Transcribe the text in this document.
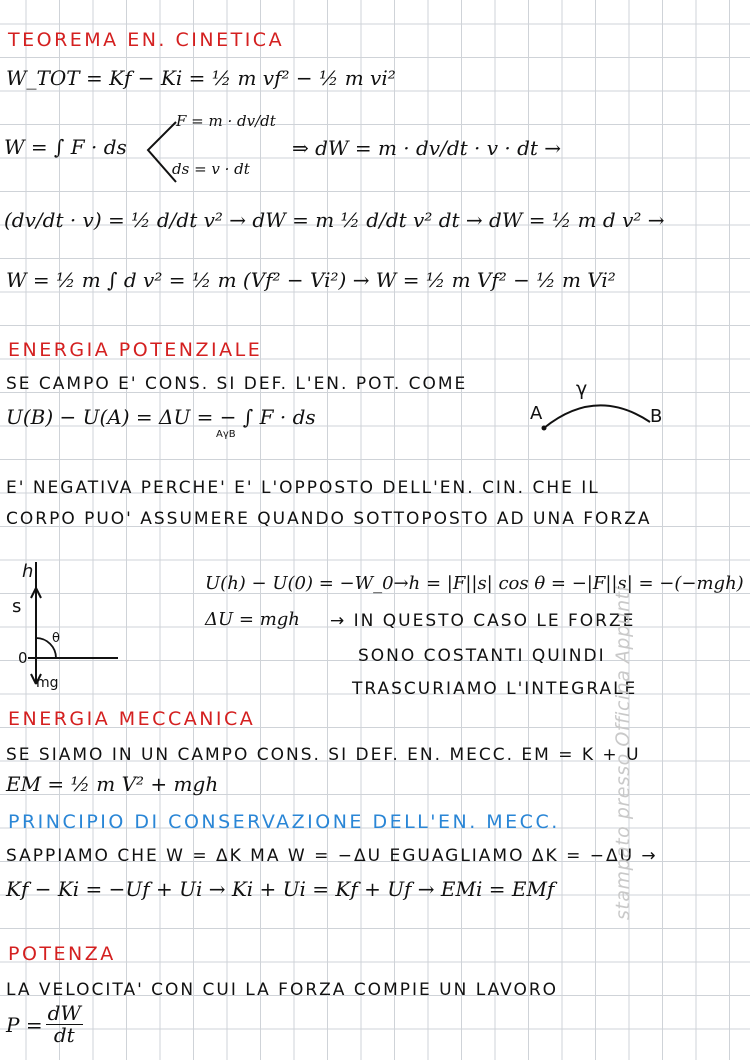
TEOREMA EN. CINETICA
W_TOT = Kf − Ki = ½ m vf² − ½ m vi²
W = ∫ F · ds
F = m · dv/dt
ds = v · dt
⇒ dW = m · dv/dt · v · dt →
(dv/dt · v) = ½ d/dt v² → dW = m ½ d/dt v² dt → dW = ½ m d v² →
W = ½ m ∫ d v² = ½ m (Vf² − Vi²) → W = ½ m Vf² − ½ m Vi²
ENERGIA POTENZIALE
SE CAMPO E' CONS. SI DEF. L'EN. POT. COME
U(B) − U(A) = ΔU = − ∫ F · ds
AγB
A	B
γ
E' NEGATIVA PERCHE' E' L'OPPOSTO DELL'EN. CIN. CHE IL
CORPO PUO' ASSUMERE QUANDO SOTTOPOSTO AD UNA FORZA
h
s
θ
0
mg
U(h) − U(0) = −W_0→h = |F||s| cos θ = −|F||s| = −(−mgh)
ΔU = mgh → IN QUESTO CASO LE FORZE
SONO COSTANTI QUINDI
TRASCURIAMO L'INTEGRALE
ENERGIA MECCANICA
SE SIAMO IN UN CAMPO CONS. SI DEF. EN. MECC. EM = K + U
EM = ½ m V² + mgh
PRINCIPIO DI CONSERVAZIONE DELL'EN. MECC.
SAPPIAMO CHE W = ΔK MA W = −ΔU EGUAGLIAMO ΔK = −ΔU →
Kf − Ki = −Uf + Ui → Ki + Ui = Kf + Uf → EMi = EMf
POTENZA
LA VELOCITA' CON CUI LA FORZA COMPIE UN LAVORO
$P = \frac{dW}{dt}$
stampato presso Officina Appunti
